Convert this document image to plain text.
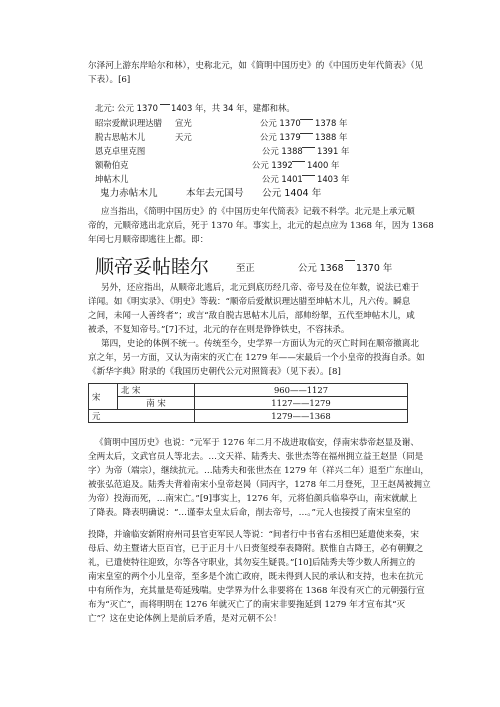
尔泽河上游东岸哈尔和林），史称北元，如《简明中国历史》的《中国历史年代简表》（见
下表）。[6]
北元: 公元 1370 1403 年，共 34 年，建都和林。
昭宗爱猷识理达腊 宣光	公元 1370 1378 年
脱古思帖木儿	天元	公元 1379 1388 年
恩克卓里克图	公元 1388 1391 年
额勒伯克	公元 1392 1400 年
坤帖木儿	公元 1401 1403 年
鬼力赤帖木儿	本年去元国号 公元 1404 年
应当指出，《简明中国历史》的《中国历史年代简表》记载不科学。北元是上承元顺
帝的，元顺帝逃出北京后，死于 1370 年。事实上，北元的起点应为 1368 年，因为 1368
年闰七月顺帝即逃往上都。即：
顺帝妥帖睦尔	至正	公元 1368 1370 年
另外，还应指出，从顺帝北逃后，北元到底历经几帝、帝号及在位年数，说法已难于
详闻。如《明实录》、《明史》等载：“顺帝后爱猷识理达腊至坤帖木儿，凡六传。瞬息
之间，未闻一人善终者”；或言“敌自脱古思帖木儿后，部帅纷挐，五代至坤帖木儿，咸
被杀，不复知帝号。”[7]不过，北元的存在则是铮铮铁史，不容抹杀。
第四，史论的体例不统一。传统至今，史学界一方面认为元的灭亡时间在顺帝撤离北
京之年，另一方面，又认为南宋的灭亡在 1279 年——宋最后一个小皇帝的投海自杀。如
《新华字典》附录的《我国历史朝代公元对照简表》（见下表）。[8]
宋	北 宋	960——1127
	南 宋	1127——1279
元		1279——1368
《简明中国历史》也说：“元军于 1276 年二月不战进取临安，俘南宋恭帝赵显及谢、
全两太后，文武官员人等北去。…文天祥、陆秀夫、张世杰等在福州拥立益王赵昰（同是
字）为帝（端宗），继续抗元。…陆秀夫和张世杰在 1279 年（祥兴二年）退至广东崖山，
被张弘范追及。陆秀夫背着南宋小皇帝赵昺（同丙字，1278 年二月登死，卫王赵昺被拥立
为帝）投海而死，…南宋亡。”[9]事实上，1276 年，元将伯颜兵临皋亭山，南宋就献上
了降表。降表明确说：“…谨奉太皇太后命，削去帝号，…。”元人也接授了南宋皇室的
投降，并谕临安新附府州司县官吏军民人等说：“间者行中书省右丞相巴延遣使来奏，宋
母后、幼主暨诸大臣百官，已于正月十八日赍玺绶奉表降附。朕惟自古降王，必有朝觐之
礼，已遣使特往迎致，尔等各守职业，其勿妄生疑畏。”[10]后陆秀夫等少数人所拥立的
南宋皇室的两个小儿皇帝，至多是个流亡政府，既未得到人民的承认和支持，也未在抗元
中有所作为，充其量是苟延残喘。史学界为什么非要将在 1368 年没有灭亡的元朝强行宣
布为“灭亡”，而将明明在 1276 年就灭亡了的南宋非要拖延到 1279 年才宣布其“灭
亡”？这在史论体例上是前后矛盾，是对元朝不公！
